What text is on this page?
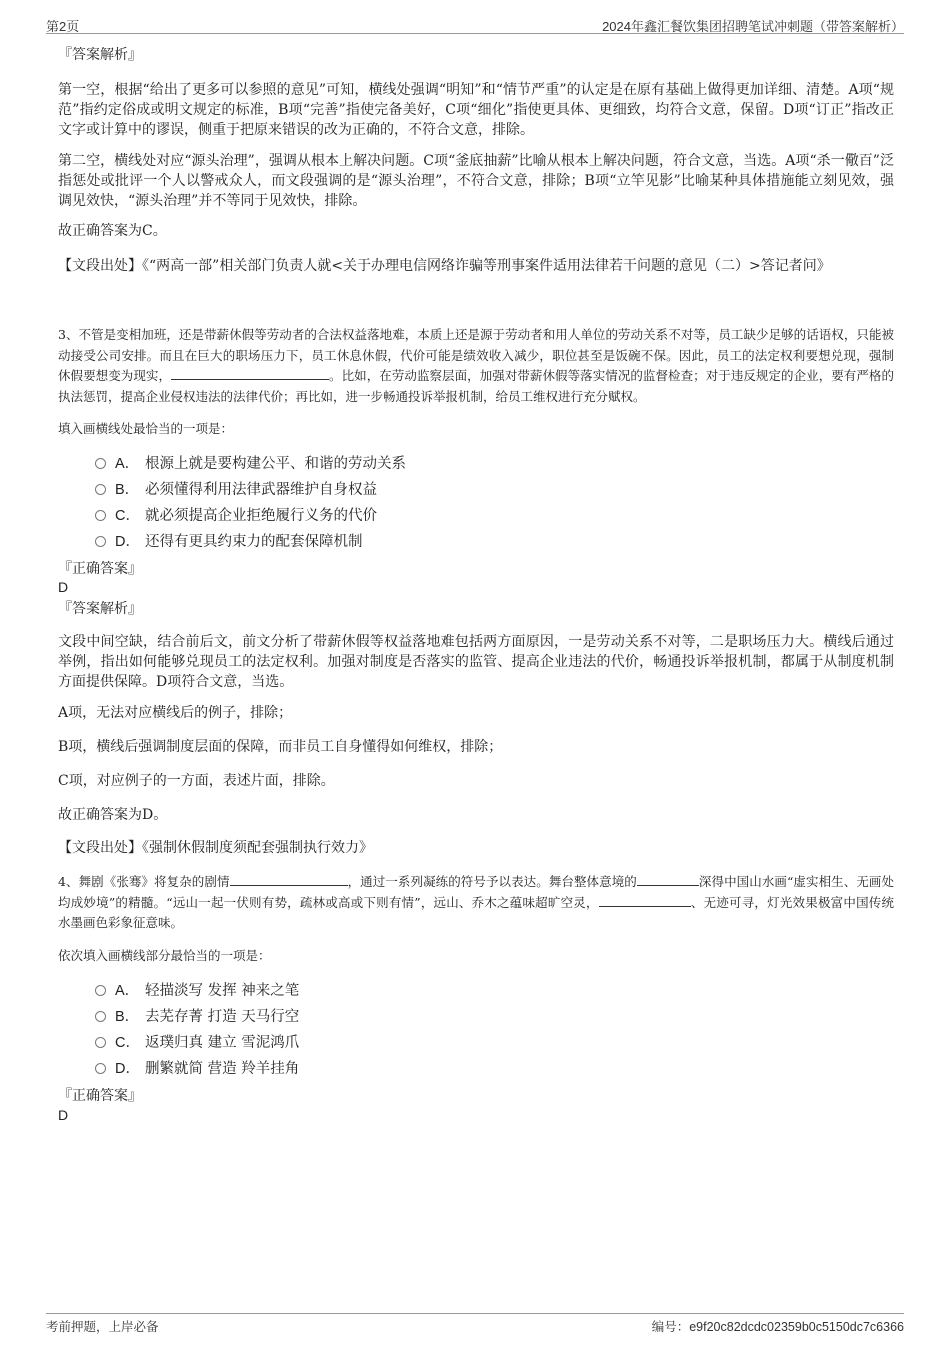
第2页	2024年鑫汇餐饮集团招聘笔试冲刺题（带答案解析）
『答案解析』

第一空，根据“给出了更多可以参照的意见”可知，横线处强调“明知”和“情节严重”的认定是在原有基础上做得更加详细、清楚。A项“规范”指约定俗成或明文规定的标准，B项“完善”指使完备美好，C项“细化”指使更具体、更细致，均符合文意，保留。D项“订正”指改正文字或计算中的谬误，侧重于把原来错误的改为正确的，不符合文意，排除。

第二空，横线处对应“源头治理”，强调从根本上解决问题。C项“釜底抽薪”比喻从根本上解决问题，符合文意，当选。A项“杀一儆百”泛指惩处或批评一个人以警戒众人，而文段强调的是“源头治理”，不符合文意，排除；B项“立竿见影”比喻某种具体措施能立刻见效，强调见效快，“源头治理”并不等同于见效快，排除。

故正确答案为C。

【文段出处】《“两高一部”相关部门负责人就<关于办理电信网络诈骗等刑事案件适用法律若干问题的意见（二）>答记者问》

3、不管是变相加班，还是带薪休假等劳动者的合法权益落地难，本质上还是源于劳动者和用人单位的劳动关系不对等，员工缺少足够的话语权，只能被动接受公司安排。而且在巨大的职场压力下，员工休息休假，代价可能是绩效收入减少，职位甚至是饭碗不保。因此，员工的法定权利要想兑现，强制休假要想变为现实，	。比如，在劳动监察层面，加强对带薪休假等落实情况的监督检查；对于违反规定的企业，要有严格的执法惩罚，提高企业侵权违法的法律代价；再比如，进一步畅通投诉举报机制，给员工维权进行充分赋权。

填入画横线处最恰当的一项是：
A． 根源上就是要构建公平、和谐的劳动关系
B． 必须懂得利用法律武器维护自身权益
C． 就必须提高企业拒绝履行义务的代价
D． 还得有更具约束力的配套保障机制
『正确答案』
D
『答案解析』

文段中间空缺，结合前后文，前文分析了带薪休假等权益落地难包括两方面原因，一是劳动关系不对等，二是职场压力大。横线后通过举例，指出如何能够兑现员工的法定权利。加强对制度是否落实的监管、提高企业违法的代价，畅通投诉举报机制，都属于从制度机制方面提供保障。D项符合文意，当选。

A项，无法对应横线后的例子，排除；
B项，横线后强调制度层面的保障，而非员工自身懂得如何维权，排除；
C项，对应例子的一方面，表述片面，排除。
故正确答案为D。
【文段出处】《强制休假制度须配套强制执行效力》

4、舞剧《张骞》将复杂的剧情	，通过一系列凝练的符号予以表达。舞台整体意境的	深得中国山水画“虚实相生、无画处均成妙境”的精髓。“远山一起一伏则有势，疏林或高或下则有情”，远山、乔木之蕴味超旷空灵，	、无迹可寻，灯光效果极富中国传统水墨画色彩象征意味。

依次填入画横线部分最恰当的一项是：
A． 轻描淡写 发挥 神来之笔
B． 去芜存菁 打造 天马行空
C． 返璞归真 建立 雪泥鸿爪
D． 删繁就简 营造 羚羊挂角
『正确答案』
D
考前押题，上岸必备	编号：e9f20c82dcdc02359b0c5150dc7c6366
